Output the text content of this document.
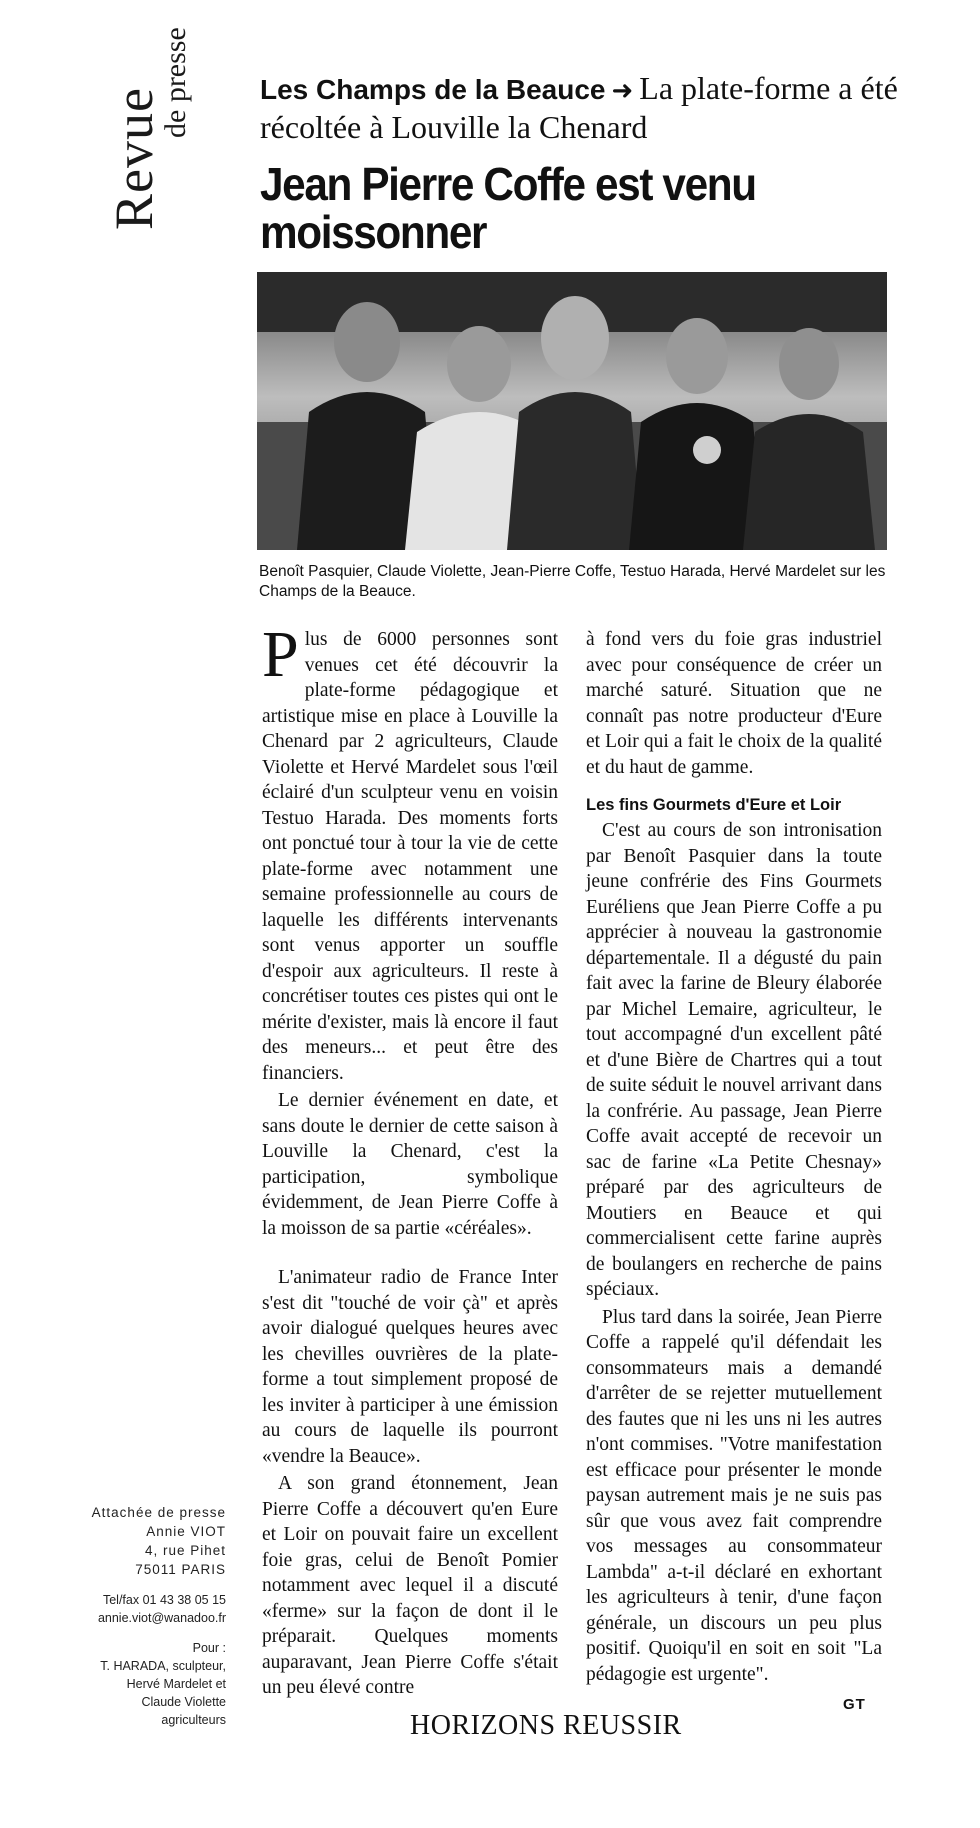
Revue
de presse Les Champs de la Beauce ➜ La plate-forme a été récoltée à Louville la Chenard
Jean Pierre Coffe est venu moissonner
Benoît Pasquier, Claude Violette, Jean-Pierre Coffe, Testuo Harada, Hervé Mardelet sur les Champs de la Beauce.

Plus de 6000 personnes sont venues cet été découvrir la plate-forme pédagogique et artistique mise en place à Louville la Chenard par 2 agriculteurs, Claude Violette et Hervé Mardelet sous l'œil éclairé d'un sculpteur venu en voisin Testuo Harada. Des moments forts ont ponctué tour à tour la vie de cette plate-forme avec notamment une semaine professionnelle au cours de laquelle les différents intervenants sont venus apporter un souffle d'espoir aux agriculteurs. Il reste à concrétiser toutes ces pistes qui ont le mérite d'exister, mais là encore il faut des meneurs... et peut être des financiers.

Le dernier événement en date, et sans doute le dernier de cette saison à Louville la Chenard, c'est la participation, symbolique évidemment, de Jean Pierre Coffe à la moisson de sa partie «céréales».

L'animateur radio de France Inter s'est dit "touché de voir çà" et après avoir dialogué quelques heures avec les chevilles ouvrières de la plate-forme a tout simplement proposé de les inviter à participer à une émission au cours de laquelle ils pourront «vendre la Beauce».

A son grand étonnement, Jean Pierre Coffe a découvert qu'en Eure et Loir on pouvait faire un excellent foie gras, celui de Benoît Pomier notamment avec lequel il a discuté «ferme» sur la façon de dont il le préparait. Quelques moments auparavant, Jean Pierre Coffe s'était un peu élevé contre

à fond vers du foie gras industriel avec pour conséquence de créer un marché saturé. Situation que ne connaît pas notre producteur d'Eure et Loir qui a fait le choix de la qualité et du haut de gamme.

Les fins Gourmets d'Eure et Loir

C'est au cours de son intronisation par Benoît Pasquier dans la toute jeune confrérie des Fins Gourmets Euréliens que Jean Pierre Coffe a pu apprécier à nouveau la gastronomie départementale. Il a dégusté du pain fait avec la farine de Bleury élaborée par Michel Lemaire, agriculteur, le tout accompagné d'un excellent pâté et d'une Bière de Chartres qui a tout de suite séduit le nouvel arrivant dans la confrérie. Au passage, Jean Pierre Coffe avait accepté de recevoir un sac de farine «La Petite Chesnay» préparé par des agriculteurs de Moutiers en Beauce et qui commercialisent cette farine auprès de boulangers en recherche de pains spéciaux.

Plus tard dans la soirée, Jean Pierre Coffe a rappelé qu'il défendait les consommateurs mais a demandé d'arrêter de se rejetter mutuellement des fautes que ni les uns ni les autres n'ont commises. "Votre manifestation est efficace pour présenter le monde paysan autrement mais je ne suis pas sûr que vous avez fait comprendre vos messages au consommateur Lambda" a-t-il déclaré en exhortant les agriculteurs à tenir, d'une façon générale, un discours un peu plus positif. Quoiqu'il en soit en soit "La pédagogie est urgente".

GT
Attachée de presse
Annie VIOT
4, rue Pihet
75011 PARIS
Tel/fax 01 43 38 05 15
annie.viot@wanadoo.fr
Pour :
T. HARADA, sculpteur,
Hervé Mardelet et
Claude Violette
agriculteurs	HORIZONS REUSSIR
